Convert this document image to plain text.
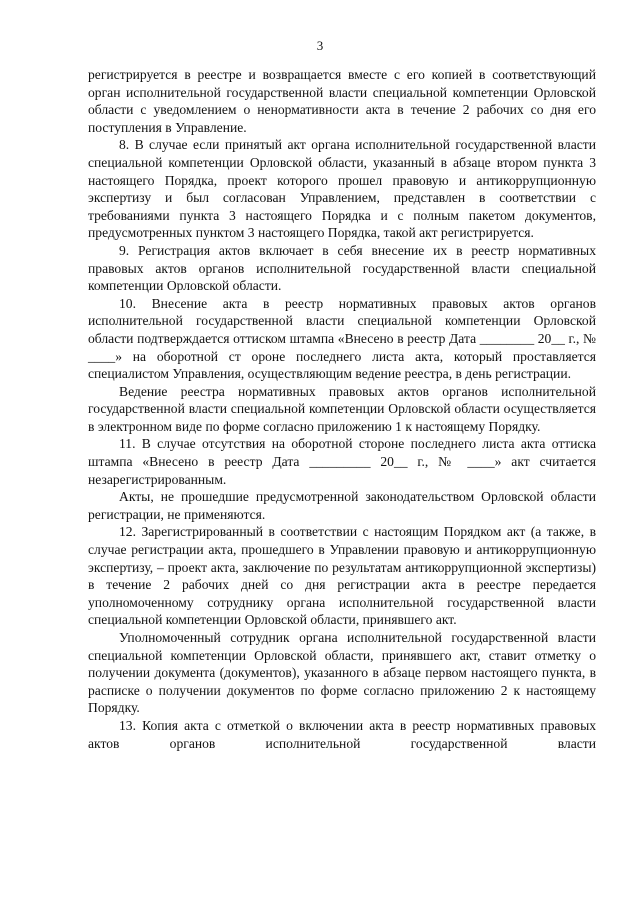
3

регистрируется в реестре и возвращается вместе с его копией в соответствующий орган исполнительной государственной власти специальной компетенции Орловской области с уведомлением о ненормативности акта в течение 2 рабочих со дня его поступления в Управление.

8. В случае если принятый акт органа исполнительной государственной власти специальной компетенции Орловской области, указанный в абзаце втором пункта 3 настоящего Порядка, проект которого прошел правовую и антикоррупционную экспертизу и был согласован Управлением, представлен в соответствии с требованиями пункта 3 настоящего Порядка и с полным пакетом документов, предусмотренных пунктом 3 настоящего Порядка, такой акт регистрируется.

9. Регистрация актов включает в себя внесение их в реестр нормативных правовых актов органов исполнительной государственной власти специальной компетенции Орловской области.

10. Внесение акта в реестр нормативных правовых актов органов исполнительной государственной власти специальной компетенции Орловской области подтверждается оттиском штампа «Внесено в реестр Дата ________ 20__ г., № ____» на оборотной ст ороне последнего листа акта, который проставляется специалистом Управления, осуществляющим ведение реестра, в день регистрации.

Ведение реестра нормативных правовых актов органов исполнительной государственной власти специальной компетенции Орловской области осуществляется в электронном виде по форме согласно приложению 1 к настоящему Порядку.

11. В случае отсутствия на оборотной стороне последнего листа акта оттиска штампа «Внесено в реестр Дата _________ 20__ г., № ____» акт считается незарегистрированным.

Акты, не прошедшие предусмотренной законодательством Орловской области регистрации, не применяются.

12. Зарегистрированный в соответствии с настоящим Порядком акт (а также, в случае регистрации акта, прошедшего в Управлении правовую и антикоррупционную экспертизу, – проект акта, заключение по результатам антикоррупционной экспертизы) в течение 2 рабочих дней со дня регистрации акта в реестре передается уполномоченному сотруднику органа исполнительной государственной власти специальной компетенции Орловской области, принявшего акт.

Уполномоченный сотрудник органа исполнительной государственной власти специальной компетенции Орловской области, принявшего акт, ставит отметку о получении документа (документов), указанного в абзаце первом настоящего пункта, в расписке о получении документов по форме согласно приложению 2 к настоящему Порядку.

13. Копия акта с отметкой о включении акта в реестр нормативных правовых актов органов исполнительной государственной власти
